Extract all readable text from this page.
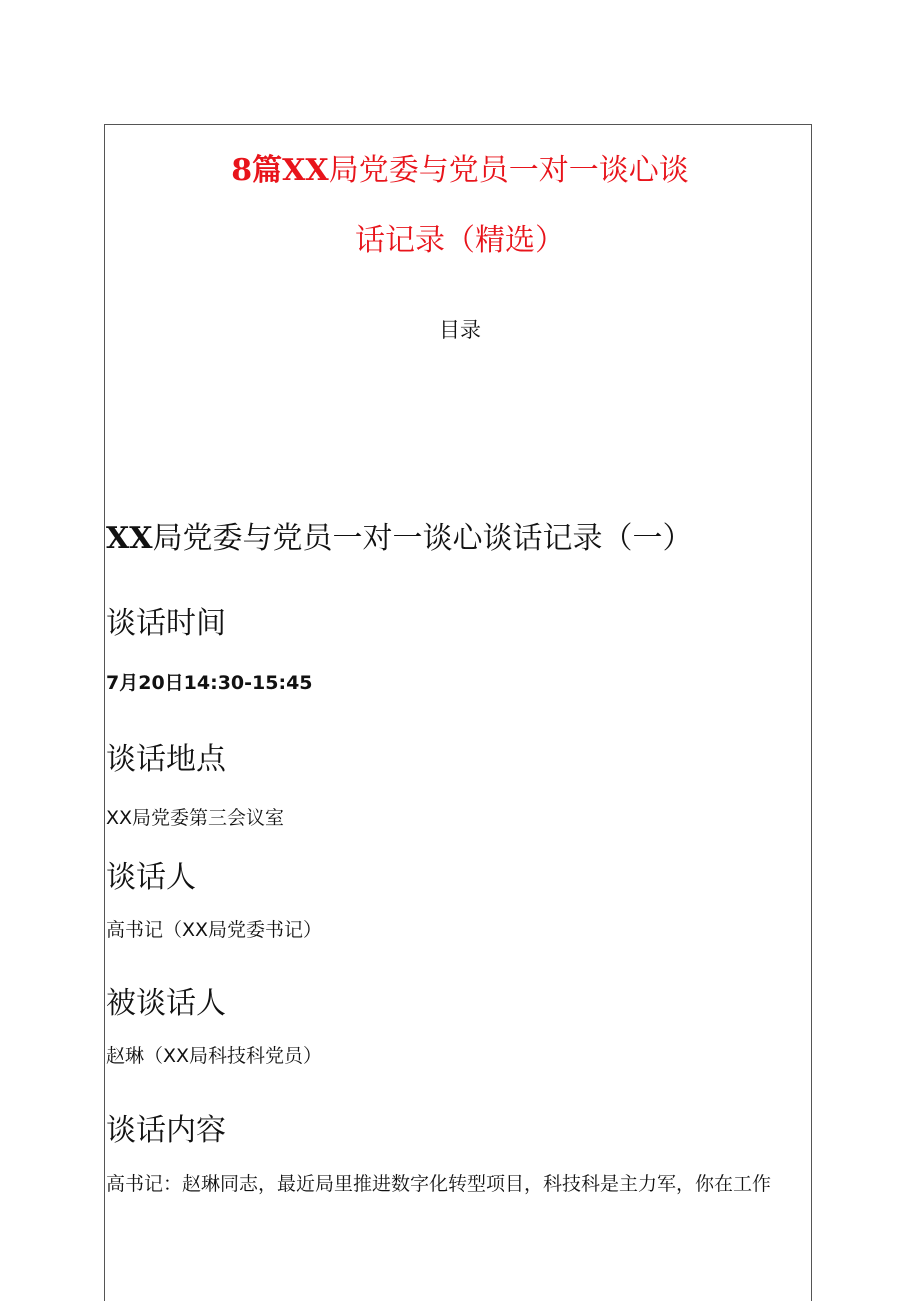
8篇XX局党委与党员一对一谈心谈
话记录（精选）
目录
XX局党委与党员一对一谈心谈话记录（一）
谈话时间
7月20日14:30-15:45
谈话地点
XX局党委第三会议室
谈话人
高书记（XX局党委书记）
被谈话人
赵琳（XX局科技科党员）
谈话内容
高书记：赵琳同志，最近局里推进数字化转型项目，科技科是主力军，你在工作
